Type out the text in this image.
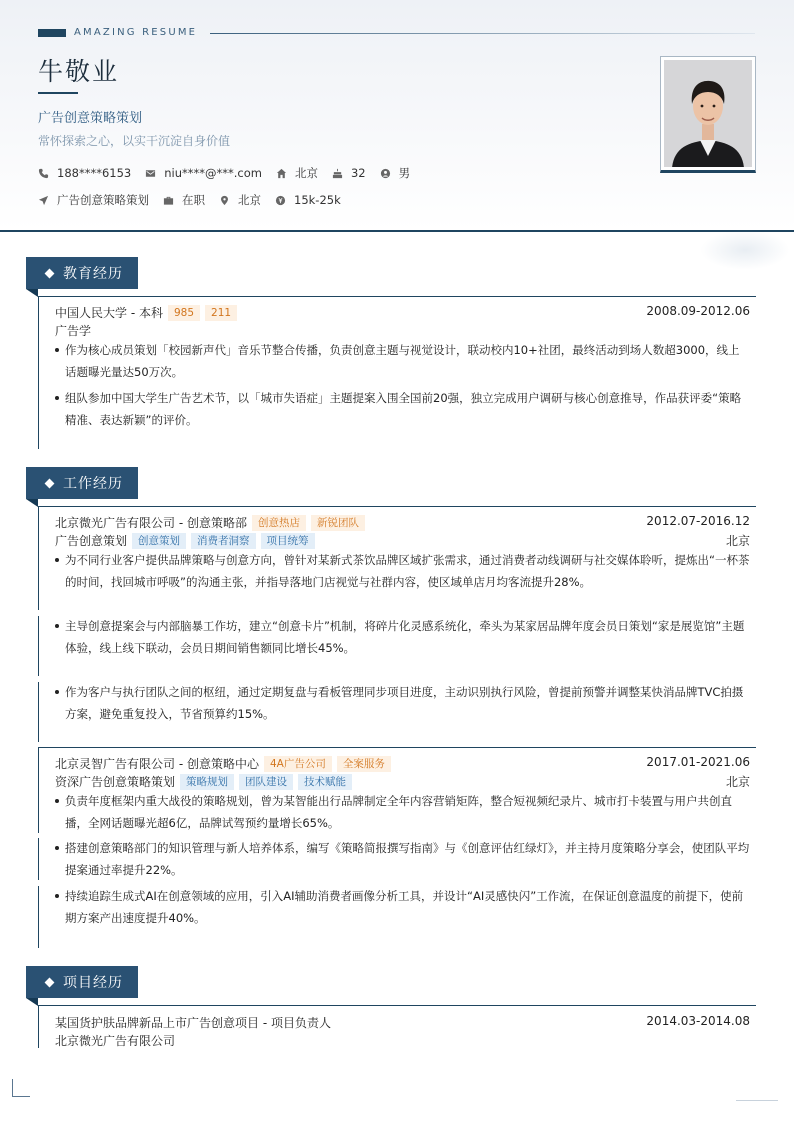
AMAZING RESUME
牛敬业
广告创意策略策划
常怀探索之心，以实干沉淀自身价值
188****6153	niu****@***.com	北京	32	男
广告创意策略策划	在职	北京	15k-25k
教育经历
中国人民大学 - 本科	985	211	2008.09-2012.06
广告学
作为核心成员策划「校园新声代」音乐节整合传播，负责创意主题与视觉设计，联动校内10+社团，最终活动到场人数超3000，线上话题曝光量达50万次。
组队参加中国大学生广告艺术节，以「城市失语症」主题提案入围全国前20强，独立完成用户调研与核心创意推导，作品获评委“策略精准、表达新颖”的评价。
工作经历
北京微光广告有限公司 - 创意策略部	创意热店	新锐团队	2012.07-2016.12
广告创意策划	创意策划	消费者洞察	项目统筹	北京
为不同行业客户提供品牌策略与创意方向，曾针对某新式茶饮品牌区域扩张需求，通过消费者动线调研与社交媒体聆听，提炼出“一杯茶的时间，找回城市呼吸”的沟通主张，并指导落地门店视觉与社群内容，使区域单店月均客流提升28%。
主导创意提案会与内部脑暴工作坊，建立“创意卡片”机制，将碎片化灵感系统化，牵头为某家居品牌年度会员日策划“家是展览馆”主题体验，线上线下联动，会员日期间销售额同比增长45%。
作为客户与执行团队之间的枢纽，通过定期复盘与看板管理同步项目进度，主动识别执行风险，曾提前预警并调整某快消品牌TVC拍摄方案，避免重复投入，节省预算约15%。
北京灵智广告有限公司 - 创意策略中心	4A广告公司	全案服务	2017.01-2021.06
资深广告创意策略策划	策略规划	团队建设	技术赋能	北京
负责年度框架内重大战役的策略规划，曾为某智能出行品牌制定全年内容营销矩阵，整合短视频纪录片、城市打卡装置与用户共创直播，全网话题曝光超6亿，品牌试驾预约量增长65%。
搭建创意策略部门的知识管理与新人培养体系，编写《策略简报撰写指南》与《创意评估红绿灯》，并主持月度策略分享会，使团队平均提案通过率提升22%。
持续追踪生成式AI在创意领域的应用，引入AI辅助消费者画像分析工具，并设计“AI灵感快闪”工作流，在保证创意温度的前提下，使前期方案产出速度提升40%。
项目经历
某国货护肤品牌新品上市广告创意项目 - 项目负责人	2014.03-2014.08
北京微光广告有限公司
